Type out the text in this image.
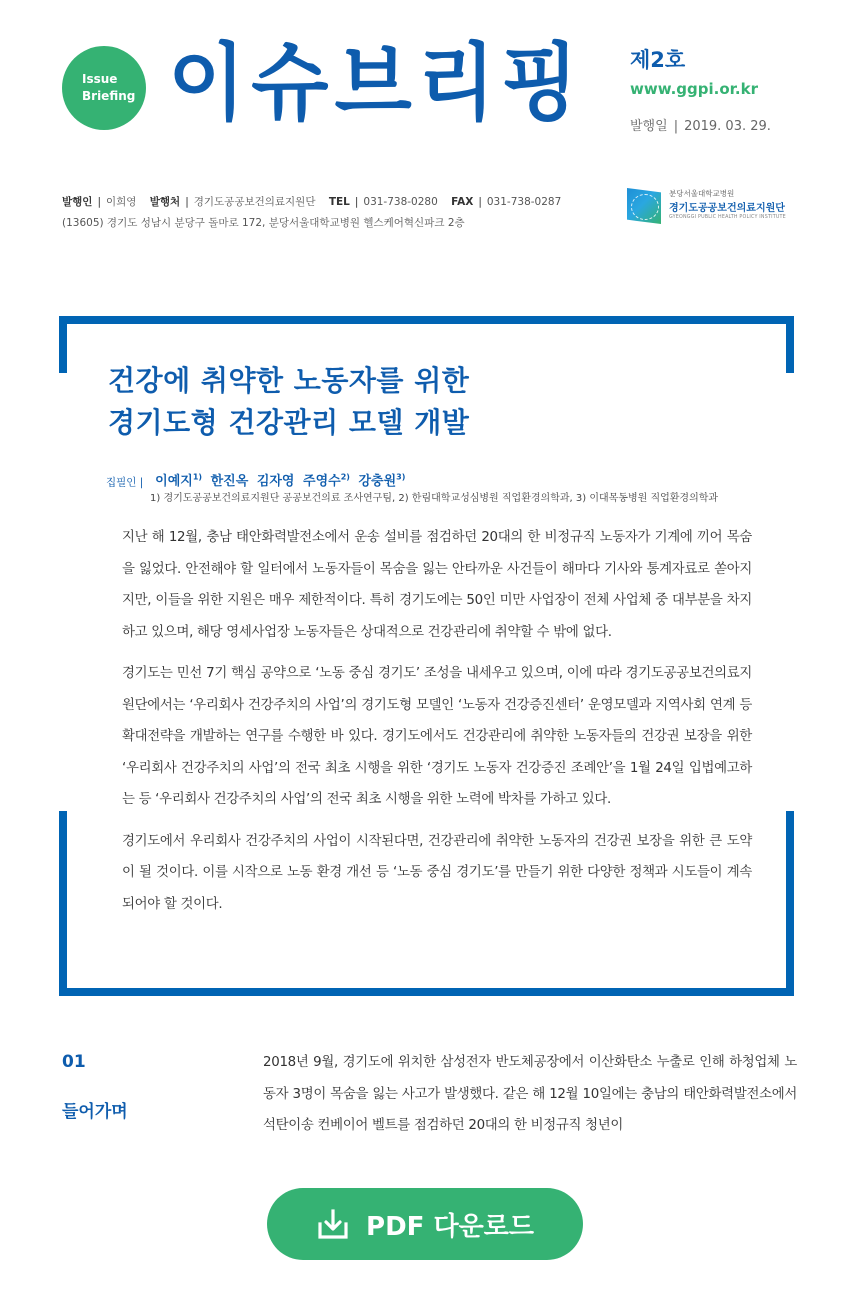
Issue
Briefing 이슈브리핑 제2호
www.ggpi.or.kr
발행일 | 2019. 03. 29.
발행인 | 이희영 발행처 | 경기도공공보건의료지원단 TEL | 031-738-0280 FAX | 031-738-0287
(13605) 경기도 성남시 분당구 돌마로 172, 분당서울대학교병원 헬스케어혁신파크 2층
분당서울대학교병원
경기도공공보건의료지원단
GYEONGGI PUBLIC HEALTH POLICY INSTITUTE
건강에 취약한 노동자를 위한
경기도형 건강관리 모델 개발
집필인 | 이예지$^{1)}$ 한진옥 김자영 주영수$^{2)}$ 강충원$^{3)}$
1) 경기도공공보건의료지원단 공공보건의료 조사연구팀, 2) 한림대학교성심병원 직업환경의학과, 3) 이대목동병원 직업환경의학과

지난 해 12월, 충남 태안화력발전소에서 운송 설비를 점검하던 20대의 한 비정규직 노동자가 기계에 끼어 목숨을 잃었다. 안전해야 할 일터에서 노동자들이 목숨을 잃는 안타까운 사건들이 해마다 기사와 통계자료로 쏟아지지만, 이들을 위한 지원은 매우 제한적이다. 특히 경기도에는 50인 미만 사업장이 전체 사업체 중 대부분을 차지하고 있으며, 해당 영세사업장 노동자들은 상대적으로 건강관리에 취약할 수 밖에 없다.

경기도는 민선 7기 핵심 공약으로 ‘노동 중심 경기도’ 조성을 내세우고 있으며, 이에 따라 경기도공공보건의료지원단에서는 ‘우리회사 건강주치의 사업’의 경기도형 모델인 ‘노동자 건강증진센터’ 운영모델과 지역사회 연계 등 확대전략을 개발하는 연구를 수행한 바 있다. 경기도에서도 건강관리에 취약한 노동자들의 건강권 보장을 위한 ‘우리회사 건강주치의 사업’의 전국 최초 시행을 위한 ‘경기도 노동자 건강증진 조례안’을 1월 24일 입법예고하는 등 ‘우리회사 건강주치의 사업’의 전국 최초 시행을 위한 노력에 박차를 가하고 있다.

경기도에서 우리회사 건강주치의 사업이 시작된다면, 건강관리에 취약한 노동자의 건강권 보장을 위한 큰 도약이 될 것이다. 이를 시작으로 노동 환경 개선 등 ‘노동 중심 경기도’를 만들기 위한 다양한 정책과 시도들이 계속되어야 할 것이다.

01
들어가며
2018년 9월, 경기도에 위치한 삼성전자 반도체공장에서 이산화탄소 누출로 인해 하청업체 노동자 3명이 목숨을 잃는 사고가 발생했다. 같은 해 12월 10일에는 충남의 태안화력발전소에서 석탄이송 컨베이어 벨트를 점검하던 20대의 한 비정규직 청년이
PDF 다운로드
